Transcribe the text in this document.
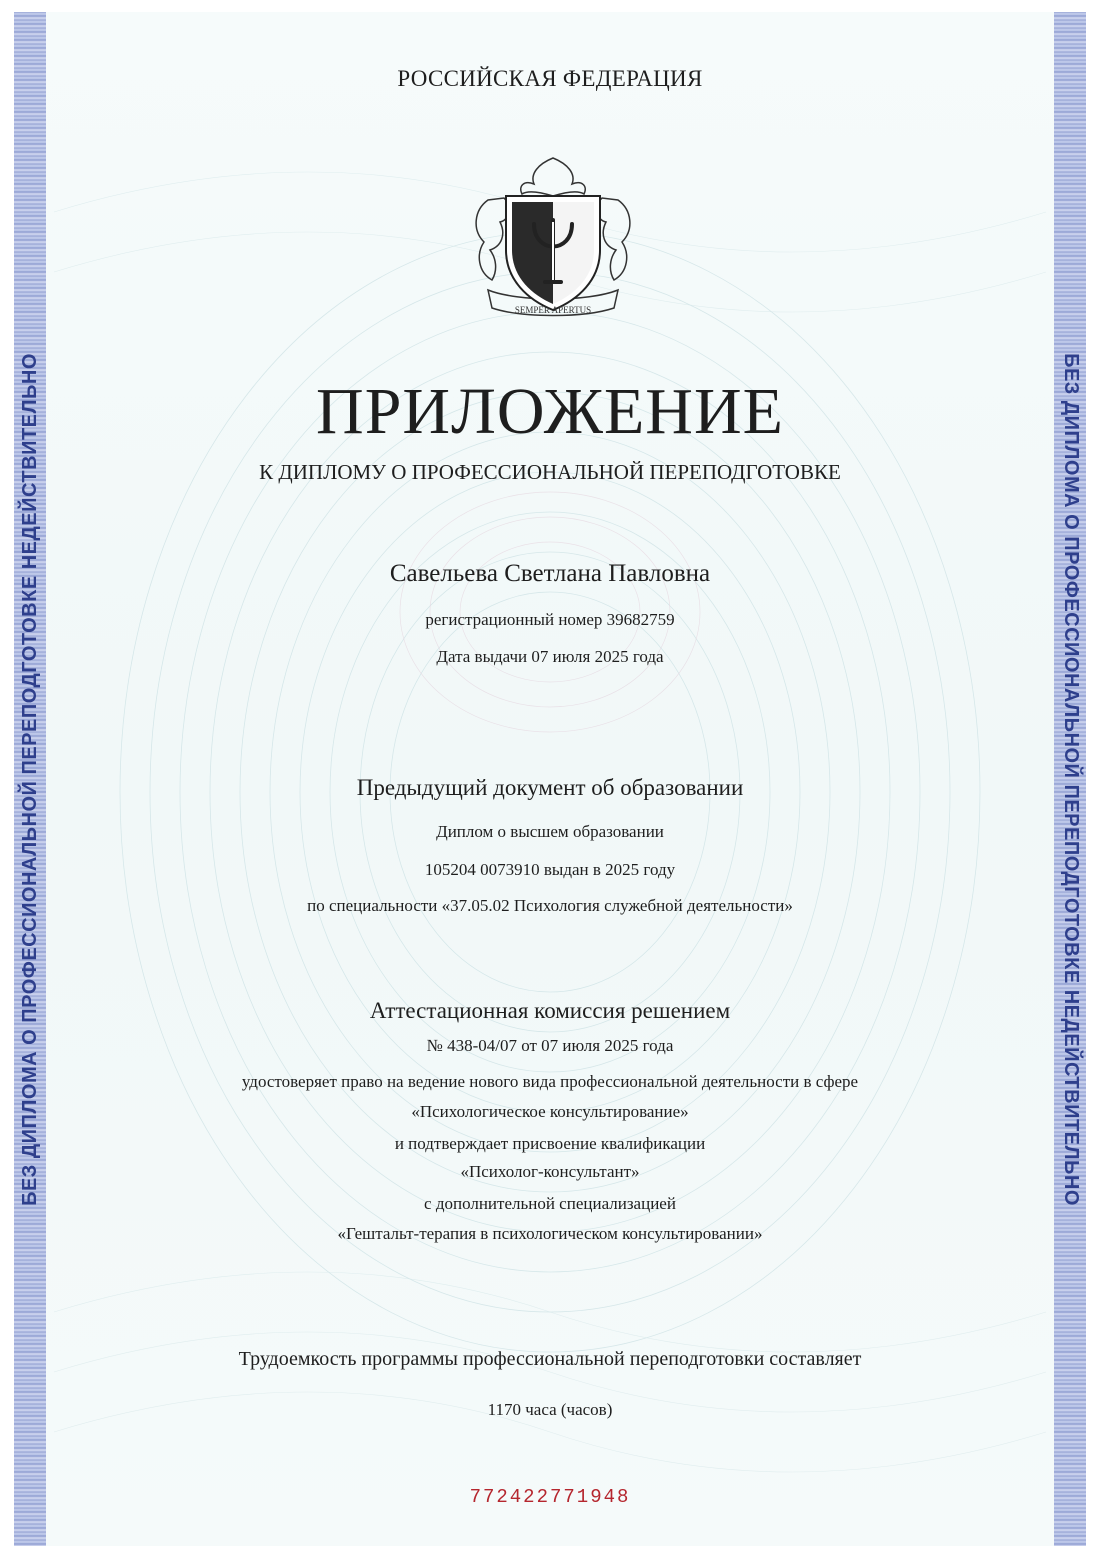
БЕЗ ДИПЛОМА О ПРОФЕССИОНАЛЬНОЙ ПЕРЕПОДГОТОВКЕ НЕДЕЙСТВИТЕЛЬНО	БЕЗ ДИПЛОМА О ПРОФЕССИОНАЛЬНОЙ ПЕРЕПОДГОТОВКЕ НЕДЕЙСТВИТЕЛЬНО
РОССИЙСКАЯ ФЕДЕРАЦИЯ
SEMPER APERTUS
ПРИЛОЖЕНИЕ
К ДИПЛОМУ О ПРОФЕССИОНАЛЬНОЙ ПЕРЕПОДГОТОВКЕ
Савельева Светлана Павловна
регистрационный номер 39682759
Дата выдачи 07 июля 2025 года
Предыдущий документ об образовании
Диплом о высшем образовании
105204 0073910 выдан в 2025 году
по специальности «37.05.02 Психология служебной деятельности»
Аттестационная комиссия решением
№ 438-04/07 от 07 июля 2025 года
удостоверяет право на ведение нового вида профессиональной деятельности в сфере
«Психологическое консультирование»
и подтверждает присвоение квалификации
«Психолог-консультант»
с дополнительной специализацией
«Гештальт-терапия в психологическом консультировании»
Трудоемкость программы профессиональной переподготовки составляет
1170 часа (часов)
772422771948
